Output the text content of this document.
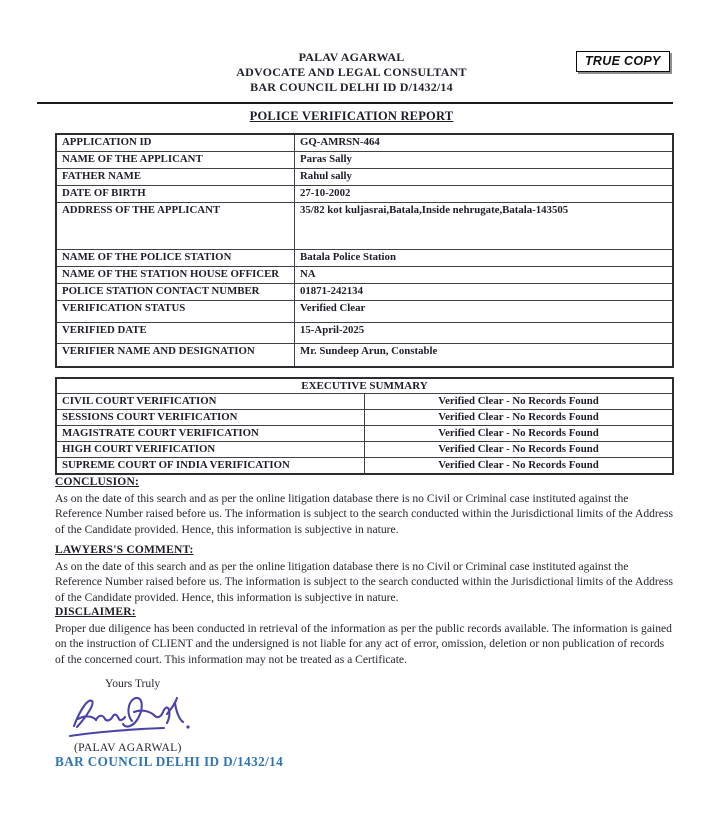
PALAV AGARWAL
ADVOCATE AND LEGAL CONSULTANT
BAR COUNCIL DELHI ID D/1432/14
TRUE COPY
POLICE VERIFICATION REPORT
APPLICATION ID	GQ-AMRSN-464
NAME OF THE APPLICANT	Paras Sally
FATHER NAME	Rahul sally
DATE OF BIRTH	27-10-2002
ADDRESS OF THE APPLICANT	35/82 kot kuljasrai,Batala,Inside nehrugate,Batala-143505
NAME OF THE POLICE STATION	Batala Police Station
NAME OF THE STATION HOUSE OFFICER	NA
POLICE STATION CONTACT NUMBER	01871-242134
VERIFICATION STATUS	Verified Clear
VERIFIED DATE	15-April-2025
VERIFIER NAME AND DESIGNATION	Mr. Sundeep Arun, Constable
EXECUTIVE SUMMARY	
CIVIL COURT VERIFICATION	Verified Clear - No Records Found
SESSIONS COURT VERIFICATION	Verified Clear - No Records Found
MAGISTRATE COURT VERIFICATION	Verified Clear - No Records Found
HIGH COURT VERIFICATION	Verified Clear - No Records Found
SUPREME COURT OF INDIA VERIFICATION	Verified Clear - No Records Found
CONCLUSION:

As on the date of this search and as per the online litigation database there is no Civil or Criminal case instituted against the Reference Number raised before us. The information is subject to the search conducted within the Jurisdictional limits of the Address of the Candidate provided. Hence, this information is subjective in nature.

LAWYERS'S COMMENT:

As on the date of this search and as per the online litigation database there is no Civil or Criminal case instituted against the Reference Number raised before us. The information is subject to the search conducted within the Jurisdictional limits of the Address of the Candidate provided. Hence, this information is subjective in nature.

DISCLAIMER:

Proper due diligence has been conducted in retrieval of the information as per the public records available. The information is gained on the instruction of CLIENT and the undersigned is not liable for any act of error, omission, deletion or non publication of records of the concerned court. This information may not be treated as a Certificate.

Yours Truly
(PALAV AGARWAL)
BAR COUNCIL DELHI ID D/1432/14
